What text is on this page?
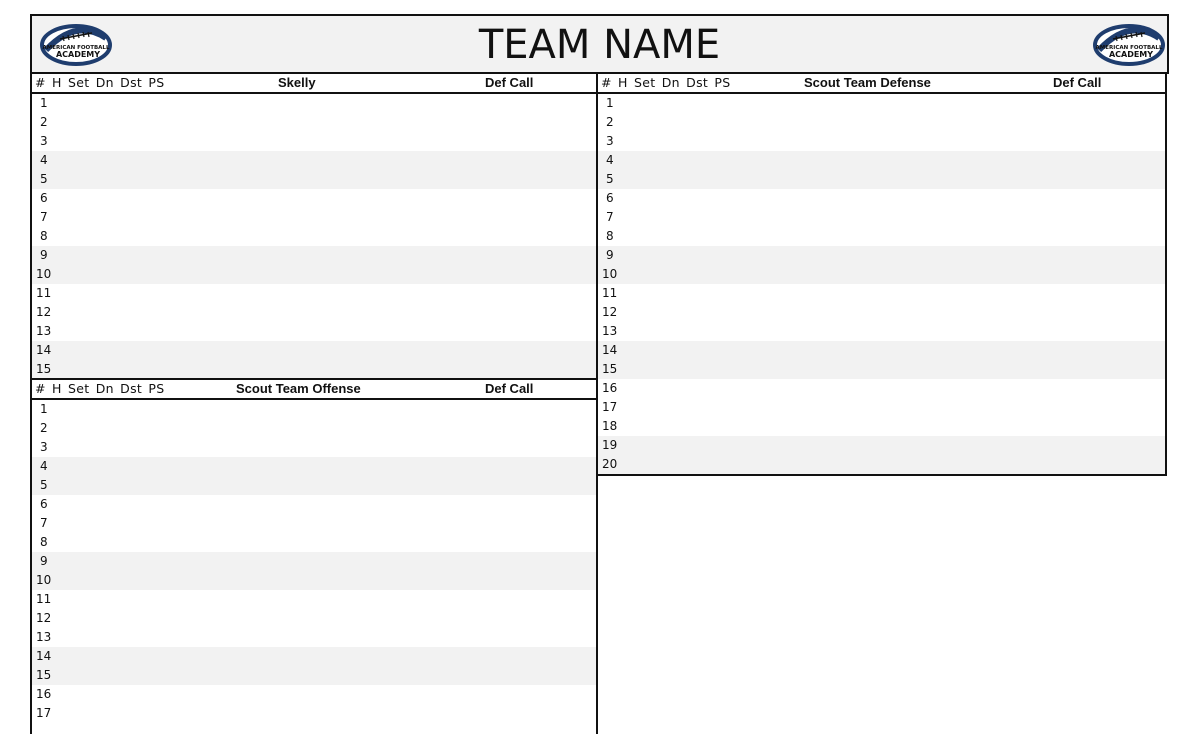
AMERICAN FOOTBALL
ACADEMY	TEAM NAME	AMERICAN FOOTBALL
ACADEMY
# H Set Dn Dst PS	Skelly	Def Call
1
2
3
4
5
6
7
8
9
10
11
12
13
14
15
# H Set Dn Dst PS	Scout Team Offense	Def Call
1
2
3
4
5
6
7
8
9
10
11
12
13
14
15
16
17
# H Set Dn Dst PS	Scout Team Defense	Def Call
1
2
3
4
5
6
7
8
9
10
11
12
13
14
15
16
17
18
19
20
